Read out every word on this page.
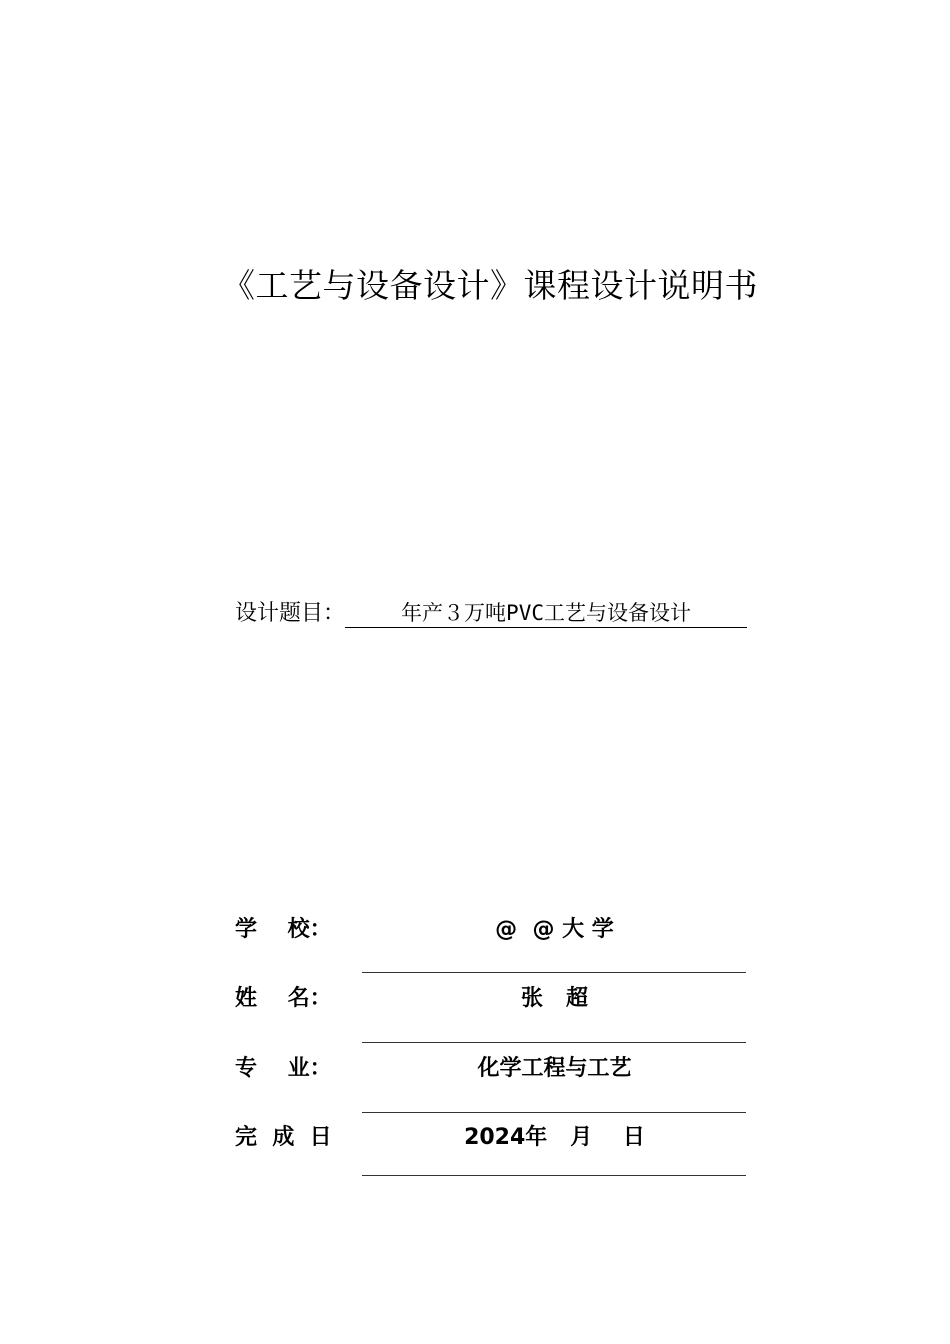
《工艺与设备设计》课程设计说明书
设计题目：	年产３万吨PVC工艺与设备设计
学    校：	@  @ 大 学
姓    名：	张   超
专    业：	化学工程与工艺
完  成  日	2024年   月    日
